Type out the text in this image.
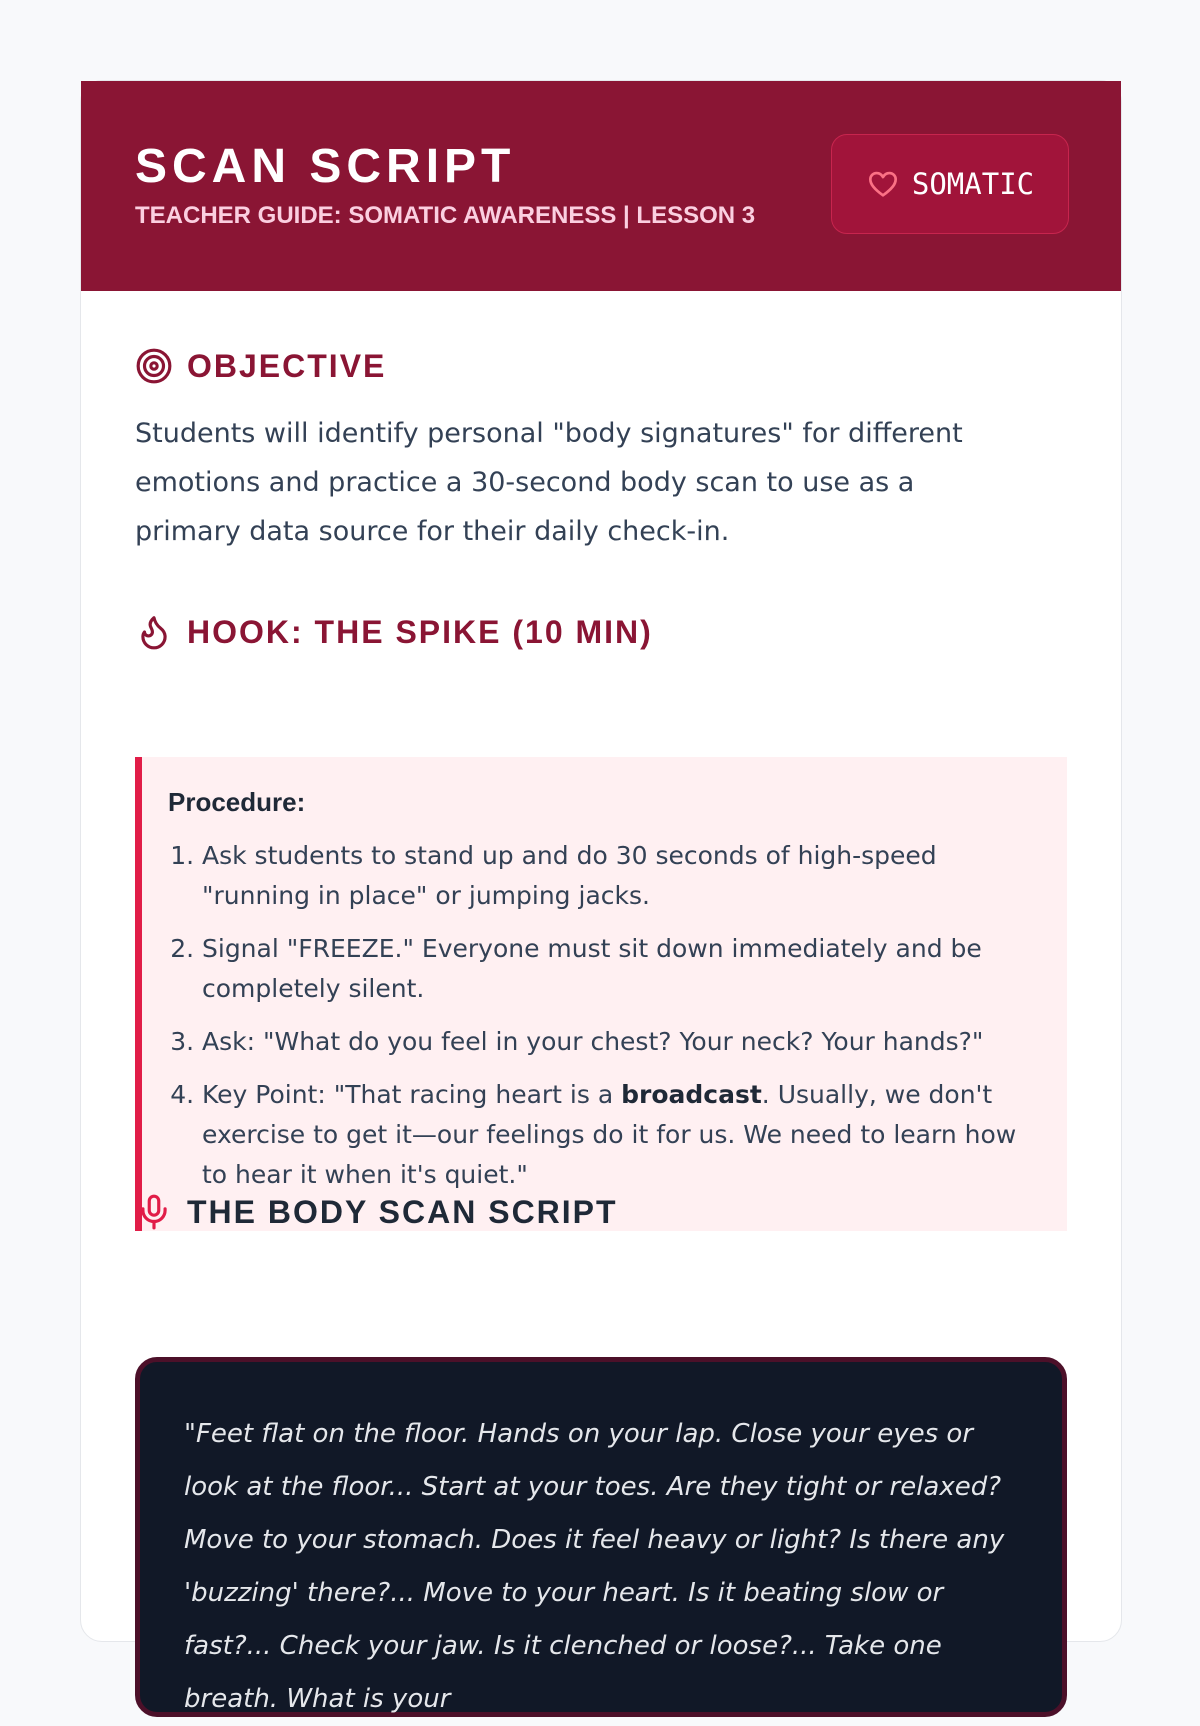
SCAN SCRIPT
TEACHER GUIDE: SOMATIC AWARENESS | LESSON 3
SOMATIC
OBJECTIVE

Students will identify personal "body signatures" for different emotions and practice a 30-second body scan to use as a primary data source for their daily check-in.

HOOK: THE SPIKE (10 MIN)

Procedure:

1. Ask students to stand up and do 30 seconds of high-speed "running in place" or jumping jacks.
2. Signal "FREEZE." Everyone must sit down immediately and be completely silent.
3. Ask: "What do you feel in your chest? Your neck? Your hands?"
4. Key Point: "That racing heart is a broadcast. Usually, we don't exercise to get it—our feelings do it for us. We need to learn how to hear it when it's quiet."
THE BODY SCAN SCRIPT

"Feet flat on the floor. Hands on your lap. Close your eyes or look at the floor... Start at your toes. Are they tight or relaxed? Move to your stomach. Does it feel heavy or light? Is there any 'buzzing' there?... Move to your heart. Is it beating slow or fast?... Check your jaw. Is it clenched or loose?... Take one breath. What is your
